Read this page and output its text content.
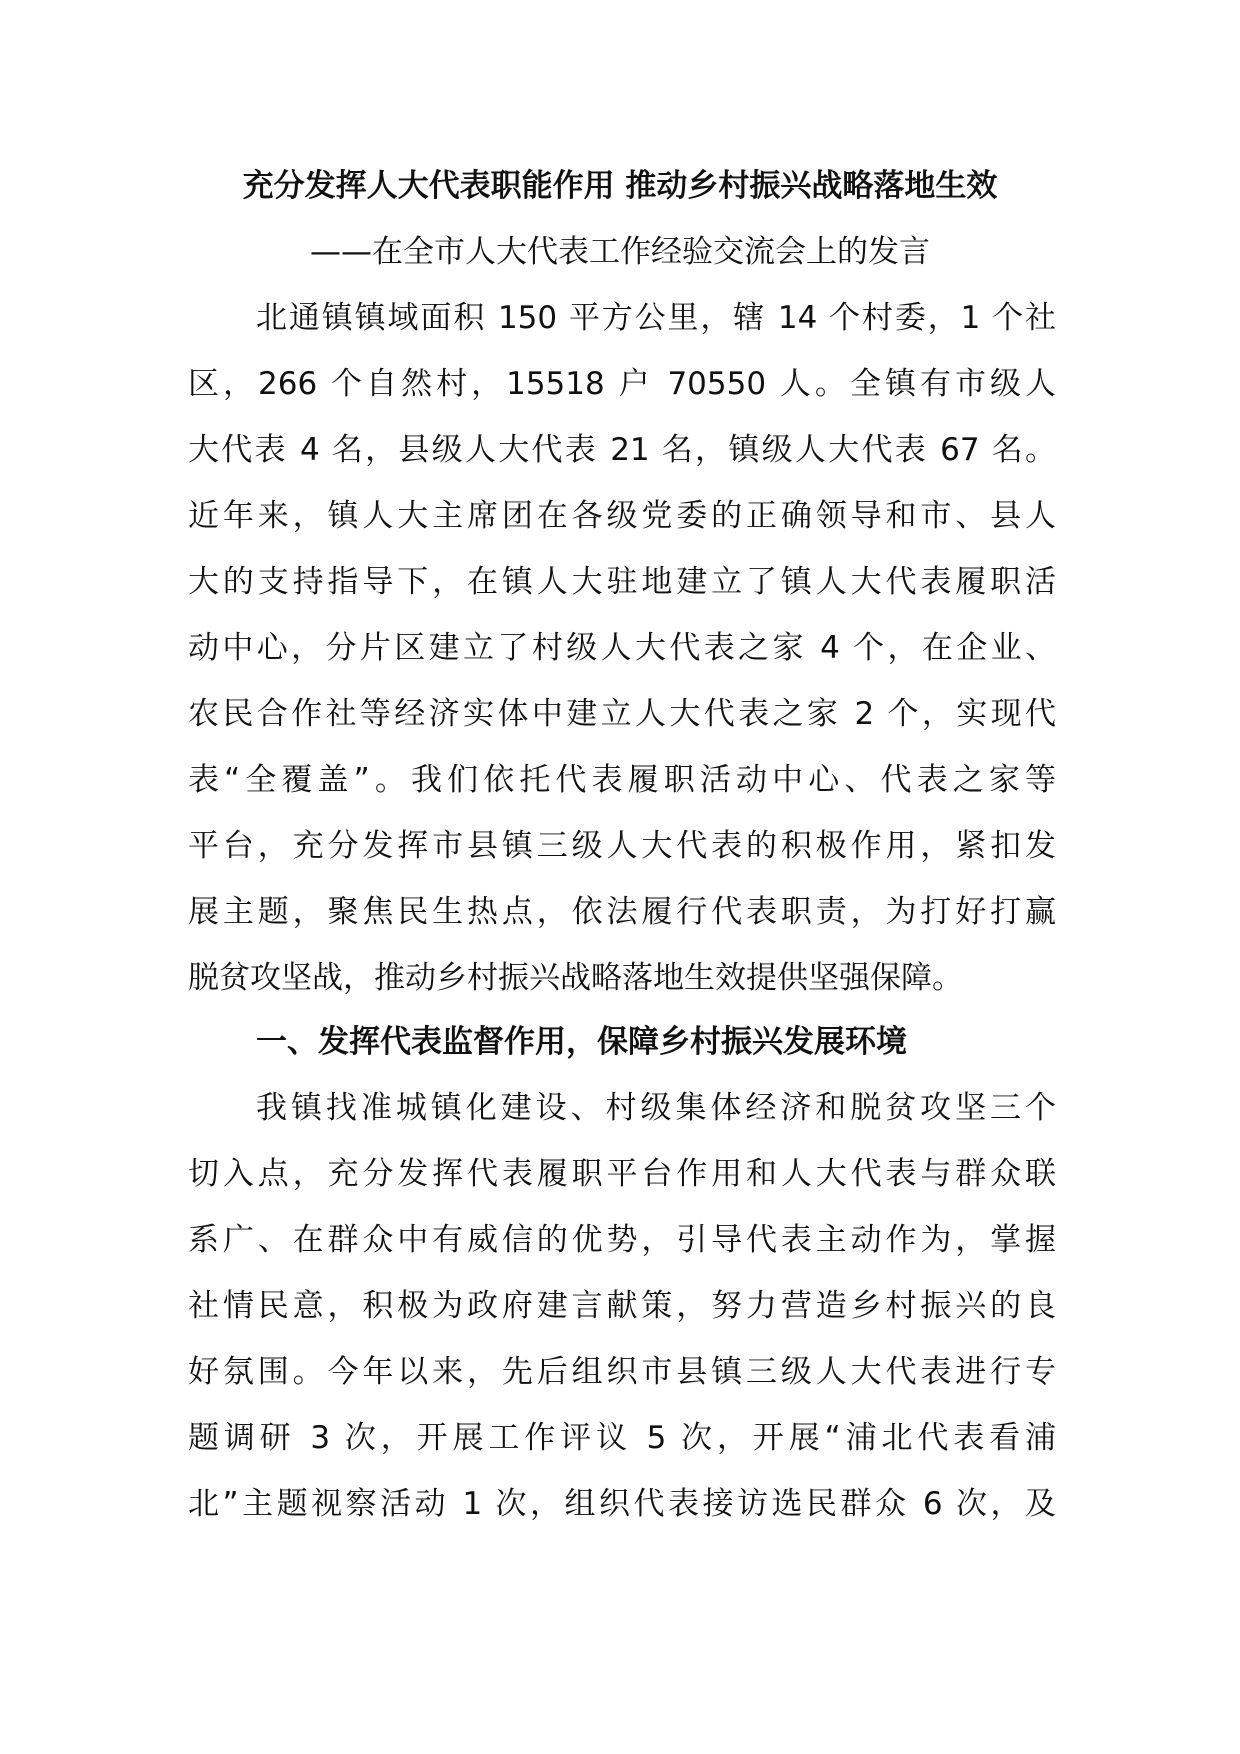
充分发挥人大代表职能作用 推动乡村振兴战略落地生效
——在全市人大代表工作经验交流会上的发言
北通镇镇域面积 150 平方公里，辖 14 个村委，1 个社
区，266 个自然村，15518 户 70550 人。全镇有市级人
大代表 4 名，县级人大代表 21 名，镇级人大代表 67 名。
近年来，镇人大主席团在各级党委的正确领导和市、县人
大的支持指导下，在镇人大驻地建立了镇人大代表履职活
动中心，分片区建立了村级人大代表之家 4 个，在企业、
农民合作社等经济实体中建立人大代表之家 2 个，实现代
表“全覆盖”。我们依托代表履职活动中心、代表之家等
平台，充分发挥市县镇三级人大代表的积极作用，紧扣发
展主题，聚焦民生热点，依法履行代表职责，为打好打赢
脱贫攻坚战，推动乡村振兴战略落地生效提供坚强保障。
一、发挥代表监督作用，保障乡村振兴发展环境
我镇找准城镇化建设、村级集体经济和脱贫攻坚三个
切入点，充分发挥代表履职平台作用和人大代表与群众联
系广、在群众中有威信的优势，引导代表主动作为，掌握
社情民意，积极为政府建言献策，努力营造乡村振兴的良
好氛围。今年以来，先后组织市县镇三级人大代表进行专
题调研 3 次，开展工作评议 5 次，开展“浦北代表看浦
北”主题视察活动 1 次，组织代表接访选民群众 6 次，及
